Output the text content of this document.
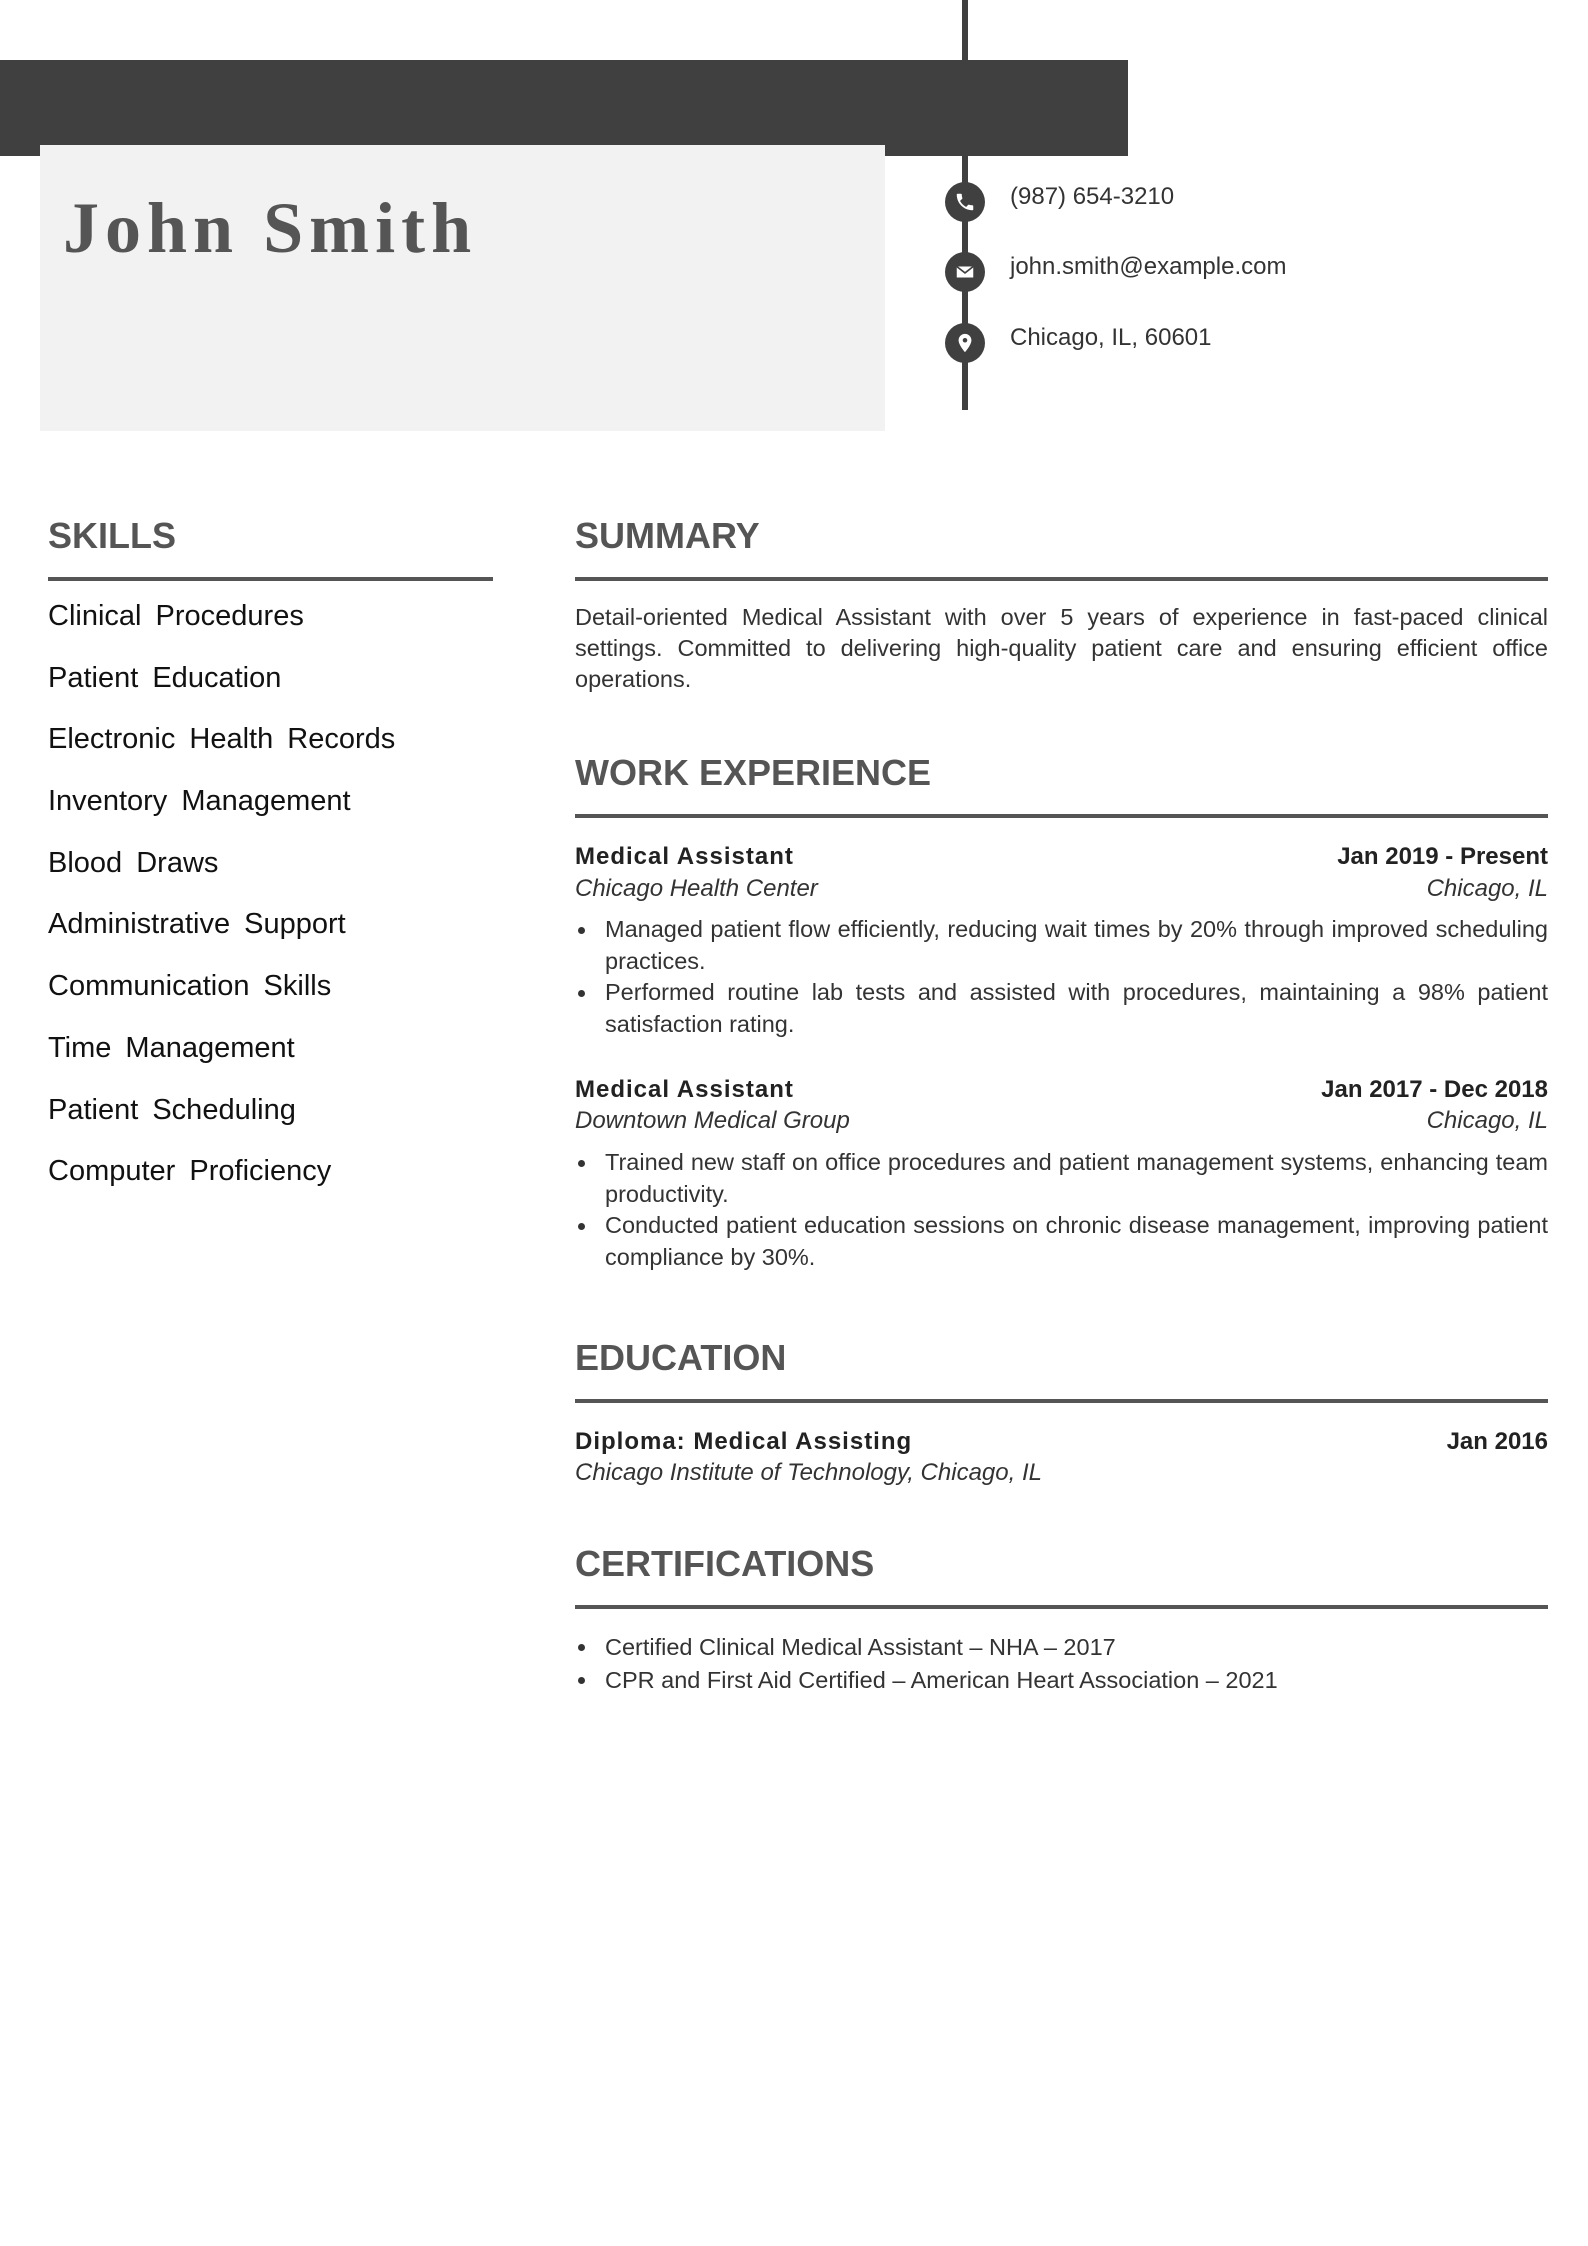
John Smith	(987) 654-3210
john.smith@example.com
Chicago, IL, 60601
SKILLS
Clinical Procedures
Patient Education
Electronic Health Records
Inventory Management
Blood Draws
Administrative Support
Communication Skills
Time Management
Patient Scheduling
Computer Proficiency
SUMMARY

Detail-oriented Medical Assistant with over 5 years of experience in fast-paced clinical settings. Committed to delivering high-quality patient care and ensuring efficient office operations.

WORK EXPERIENCE
Medical Assistant	Jan 2019 - Present
Chicago Health Center	Chicago, IL
Managed patient flow efficiently, reducing wait times by 20% through improved scheduling practices.
Performed routine lab tests and assisted with procedures, maintaining a 98% patient satisfaction rating.
Medical Assistant	Jan 2017 - Dec 2018
Downtown Medical Group	Chicago, IL
Trained new staff on office procedures and patient management systems, enhancing team productivity.
Conducted patient education sessions on chronic disease management, improving patient compliance by 30%.
EDUCATION
Diploma: Medical Assisting	Jan 2016
Chicago Institute of Technology, Chicago, IL
CERTIFICATIONS
Certified Clinical Medical Assistant – NHA – 2017
CPR and First Aid Certified – American Heart Association – 2021
